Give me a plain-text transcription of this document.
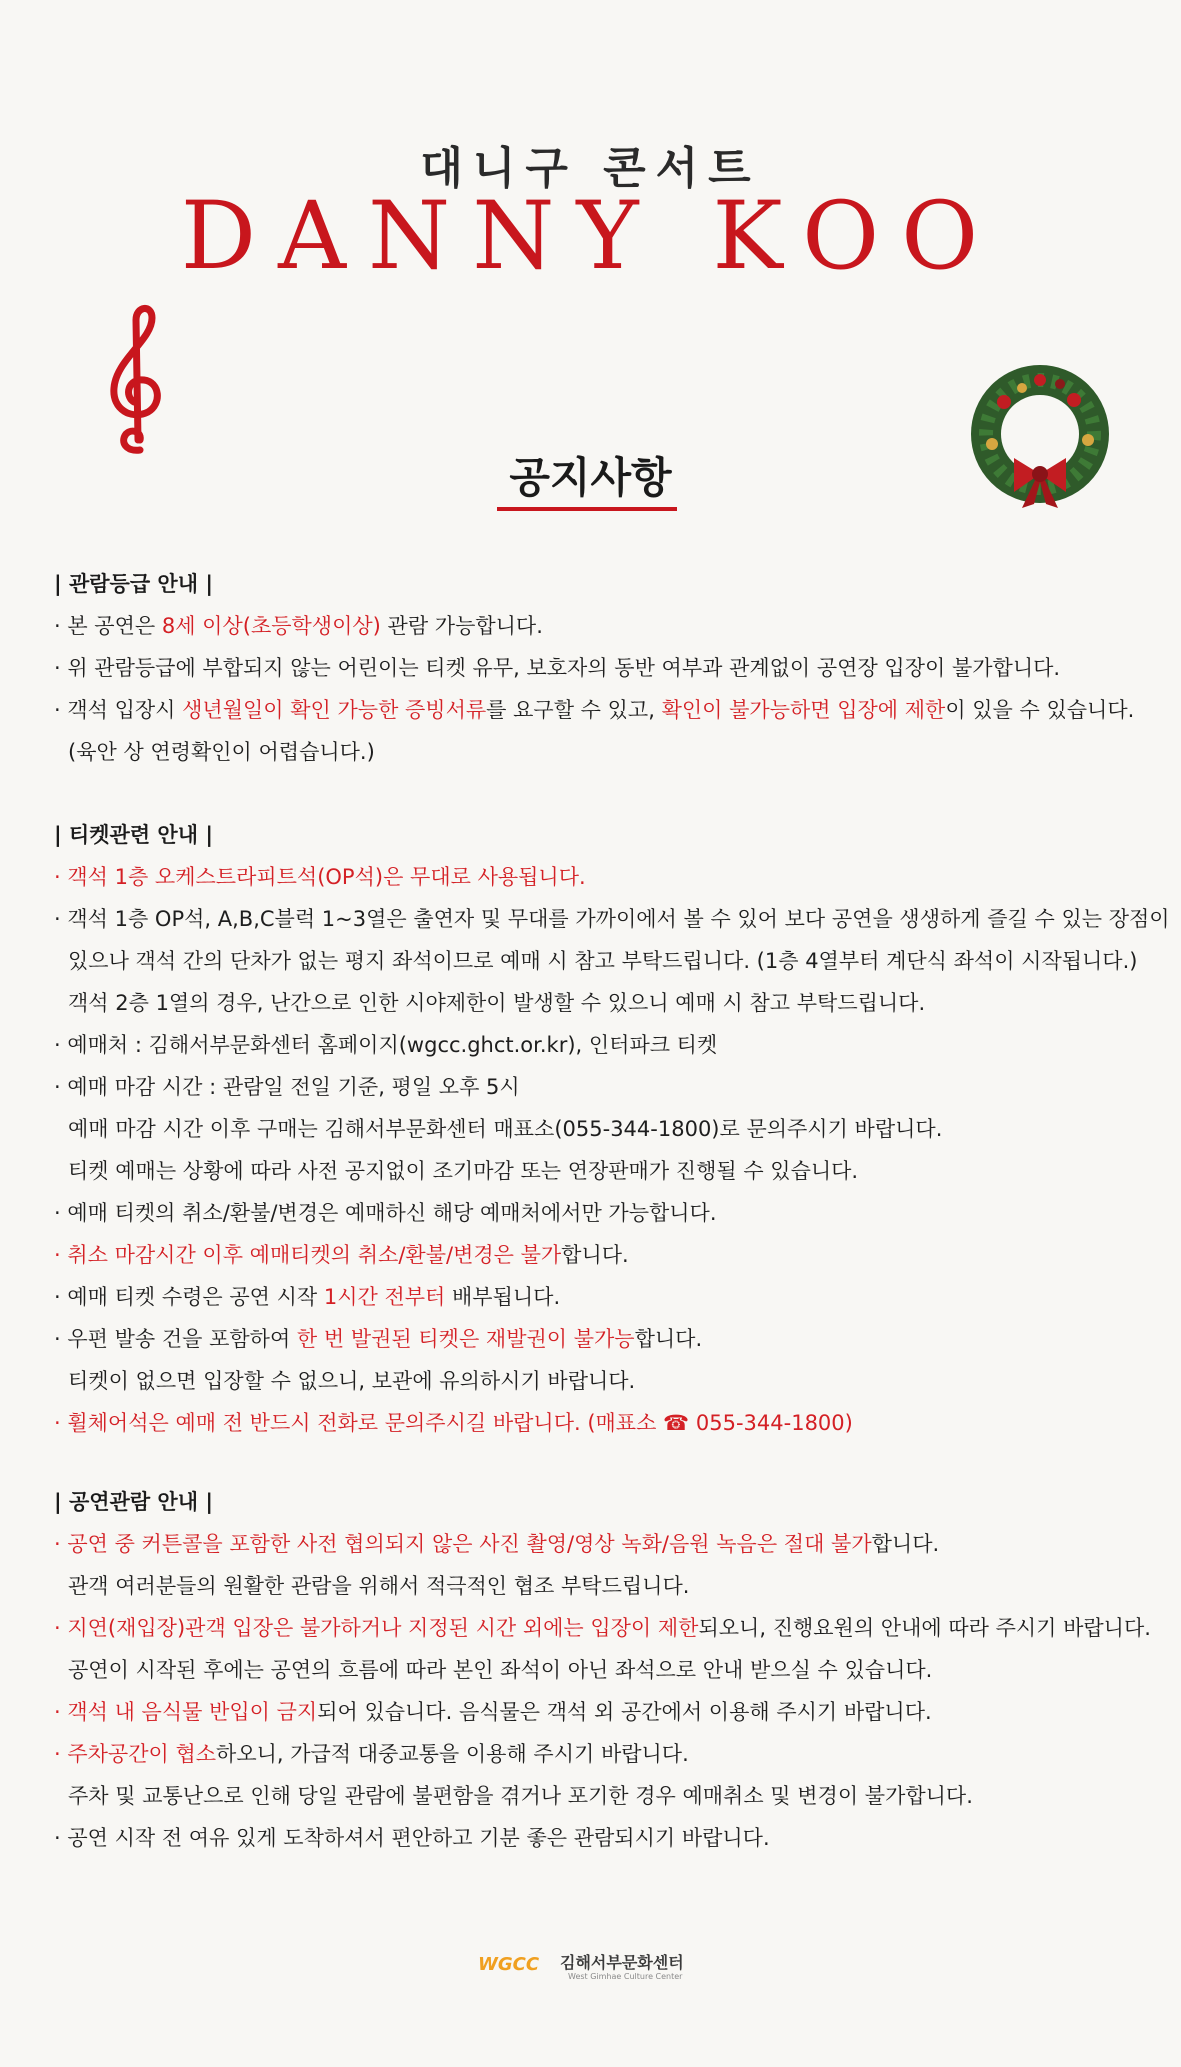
대니구 콘서트
DANNY KOO
공지사항
| 관람등급 안내 |
· 본 공연은 8세 이상(초등학생이상) 관람 가능합니다.
· 위 관람등급에 부합되지 않는 어린이는 티켓 유무, 보호자의 동반 여부과 관계없이 공연장 입장이 불가합니다.
· 객석 입장시 생년월일이 확인 가능한 증빙서류를 요구할 수 있고, 확인이 불가능하면 입장에 제한이 있을 수 있습니다.
(육안 상 연령확인이 어렵습니다.)
| 티켓관련 안내 |
· 객석 1층 오케스트라피트석(OP석)은 무대로 사용됩니다.
· 객석 1층 OP석, A,B,C블럭 1~3열은 출연자 및 무대를 가까이에서 볼 수 있어 보다 공연을 생생하게 즐길 수 있는 장점이
있으나 객석 간의 단차가 없는 평지 좌석이므로 예매 시 참고 부탁드립니다. (1층 4열부터 계단식 좌석이 시작됩니다.)
객석 2층 1열의 경우, 난간으로 인한 시야제한이 발생할 수 있으니 예매 시 참고 부탁드립니다.
· 예매처 : 김해서부문화센터 홈페이지(wgcc.ghct.or.kr), 인터파크 티켓
· 예매 마감 시간 : 관람일 전일 기준, 평일 오후 5시
예매 마감 시간 이후 구매는 김해서부문화센터 매표소(055-344-1800)로 문의주시기 바랍니다.
티켓 예매는 상황에 따라 사전 공지없이 조기마감 또는 연장판매가 진행될 수 있습니다.
· 예매 티켓의 취소/환불/변경은 예매하신 해당 예매처에서만 가능합니다.
· 취소 마감시간 이후 예매티켓의 취소/환불/변경은 불가합니다.
· 예매 티켓 수령은 공연 시작 1시간 전부터 배부됩니다.
· 우편 발송 건을 포함하여 한 번 발권된 티켓은 재발권이 불가능합니다.
티켓이 없으면 입장할 수 없으니, 보관에 유의하시기 바랍니다.
· 휠체어석은 예매 전 반드시 전화로 문의주시길 바랍니다. (매표소 ☎ 055-344-1800)
| 공연관람 안내 |
· 공연 중 커튼콜을 포함한 사전 협의되지 않은 사진 촬영/영상 녹화/음원 녹음은 절대 불가합니다.
관객 여러분들의 원활한 관람을 위해서 적극적인 협조 부탁드립니다.
· 지연(재입장)관객 입장은 불가하거나 지정된 시간 외에는 입장이 제한되오니, 진행요원의 안내에 따라 주시기 바랍니다.
공연이 시작된 후에는 공연의 흐름에 따라 본인 좌석이 아닌 좌석으로 안내 받으실 수 있습니다.
· 객석 내 음식물 반입이 금지되어 있습니다. 음식물은 객석 외 공간에서 이용해 주시기 바랍니다.
· 주차공간이 협소하오니, 가급적 대중교통을 이용해 주시기 바랍니다.
주차 및 교통난으로 인해 당일 관람에 불편함을 겪거나 포기한 경우 예매취소 및 변경이 불가합니다.
· 공연 시작 전 여유 있게 도착하셔서 편안하고 기분 좋은 관람되시기 바랍니다.
WGCC 김해서부문화센터
West Gimhae Culture Center
